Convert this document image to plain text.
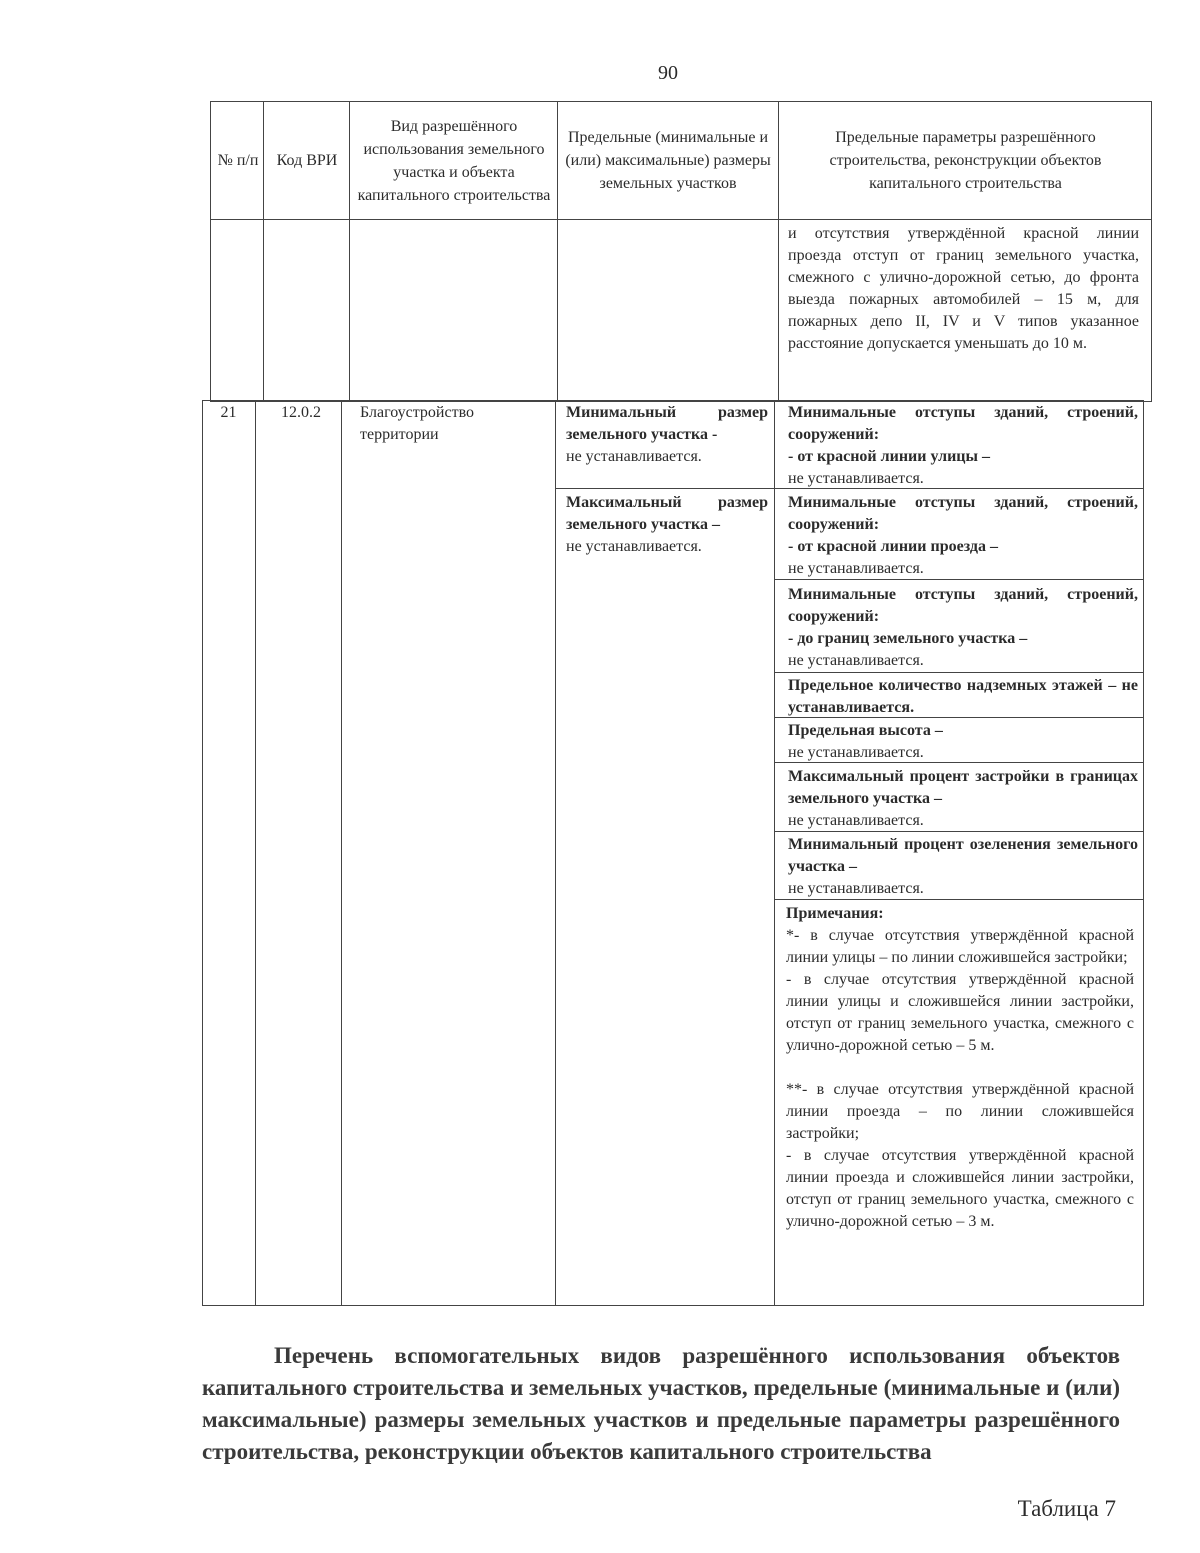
90
№ п/п Код ВРИ
Вид разрешённого использования земельного участка и объекта капитального строительства
Предельные (минимальные и (или) максимальные) размеры земельных участков
Предельные параметры разрешённого строительства, реконструкции объектов капитального строительства
и отсутствия утверждённой красной линии проезда отступ от границ земельного участка, смежного с улично-дорожной сетью, до фронта выезда пожарных автомобилей – 15 м, для пожарных депо II, IV и V типов указанное расстояние допускается уменьшать до 10 м.
21	12.0.2	Благоустройство территории
Минимальный размер земельного участка -
не устанавливается.
Максимальный размер земельного участка –
не устанавливается.
Минимальные отступы зданий, строений, сооружений:
- от красной линии улицы –
не устанавливается.
Минимальные отступы зданий, строений, сооружений:
- от красной линии проезда –
не устанавливается.
Минимальные отступы зданий, строений, сооружений:
- до границ земельного участка –
не устанавливается.
Предельное количество надземных этажей – не устанавливается.
Предельная высота –
не устанавливается.
Максимальный процент застройки в границах земельного участка –
не устанавливается.
Минимальный процент озеленения земельного участка –
не устанавливается.

Примечания:

*- в случае отсутствия утверждённой красной линии улицы – по линии сложившейся застройки;

- в случае отсутствия утверждённой красной линии улицы и сложившейся линии застройки, отступ от границ земельного участка, смежного с улично-дорожной сетью – 5 м.

**- в случае отсутствия утверждённой красной линии проезда – по линии сложившейся застройки;

- в случае отсутствия утверждённой красной линии проезда и сложившейся линии застройки, отступ от границ земельного участка, смежного с улично-дорожной сетью – 3 м.

Перечень вспомогательных видов разрешённого использования объектов капитального строительства и земельных участков, предельные (минимальные и (или) максимальные) размеры земельных участков и предельные параметры разрешённого строительства, реконструкции объектов капитального строительства
Таблица 7
